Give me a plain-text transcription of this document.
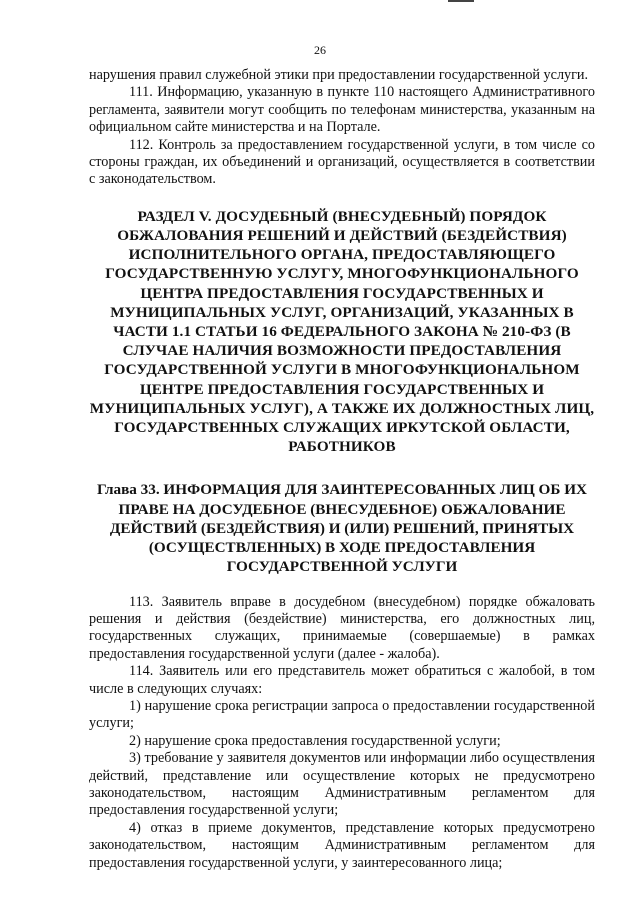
26

нарушения правил служебной этики при предоставлении государственной услуги.

111. Информацию, указанную в пункте 110 настоящего Административного регламента, заявители могут сообщить по телефонам министерства, указанным на официальном сайте министерства и на Портале.

112. Контроль за предоставлением государственной услуги, в том числе со стороны граждан, их объединений и организаций, осуществляется в соответствии с законодательством.

РАЗДЕЛ V. ДОСУДЕБНЫЙ (ВНЕСУДЕБНЫЙ) ПОРЯДОК ОБЖАЛОВАНИЯ РЕШЕНИЙ И ДЕЙСТВИЙ (БЕЗДЕЙСТВИЯ) ИСПОЛНИТЕЛЬНОГО ОРГАНА, ПРЕДОСТАВЛЯЮЩЕГО ГОСУДАРСТВЕННУЮ УСЛУГУ, МНОГОФУНКЦИОНАЛЬНОГО ЦЕНТРА ПРЕДОСТАВЛЕНИЯ ГОСУДАРСТВЕННЫХ И МУНИЦИПАЛЬНЫХ УСЛУГ, ОРГАНИЗАЦИЙ, УКАЗАННЫХ В ЧАСТИ 1.1 СТАТЬИ 16 ФЕДЕРАЛЬНОГО ЗАКОНА № 210-ФЗ (В СЛУЧАЕ НАЛИЧИЯ ВОЗМОЖНОСТИ ПРЕДОСТАВЛЕНИЯ ГОСУДАРСТВЕННОЙ УСЛУГИ В МНОГОФУНКЦИОНАЛЬНОМ ЦЕНТРЕ ПРЕДОСТАВЛЕНИЯ ГОСУДАРСТВЕННЫХ И МУНИЦИПАЛЬНЫХ УСЛУГ), А ТАКЖЕ ИХ ДОЛЖНОСТНЫХ ЛИЦ, ГОСУДАРСТВЕННЫХ СЛУЖАЩИХ ИРКУТСКОЙ ОБЛАСТИ, РАБОТНИКОВ
Глава 33. ИНФОРМАЦИЯ ДЛЯ ЗАИНТЕРЕСОВАННЫХ ЛИЦ ОБ ИХ ПРАВЕ НА ДОСУДЕБНОЕ (ВНЕСУДЕБНОЕ) ОБЖАЛОВАНИЕ ДЕЙСТВИЙ (БЕЗДЕЙСТВИЯ) И (ИЛИ) РЕШЕНИЙ, ПРИНЯТЫХ (ОСУЩЕСТВЛЕННЫХ) В ХОДЕ ПРЕДОСТАВЛЕНИЯ ГОСУДАРСТВЕННОЙ УСЛУГИ

113. Заявитель вправе в досудебном (внесудебном) порядке обжаловать решения и действия (бездействие) министерства, его должностных лиц, государственных служащих, принимаемые (совершаемые) в рамках предоставления государственной услуги (далее - жалоба).

114. Заявитель или его представитель может обратиться с жалобой, в том числе в следующих случаях:

1) нарушение срока регистрации запроса о предоставлении государственной услуги;

2) нарушение срока предоставления государственной услуги;

3) требование у заявителя документов или информации либо осуществления действий, представление или осуществление которых не предусмотрено законодательством, настоящим Административным регламентом для предоставления государственной услуги;

4) отказ в приеме документов, представление которых предусмотрено законодательством, настоящим Административным регламентом для предоставления государственной услуги, у заинтересованного лица;
